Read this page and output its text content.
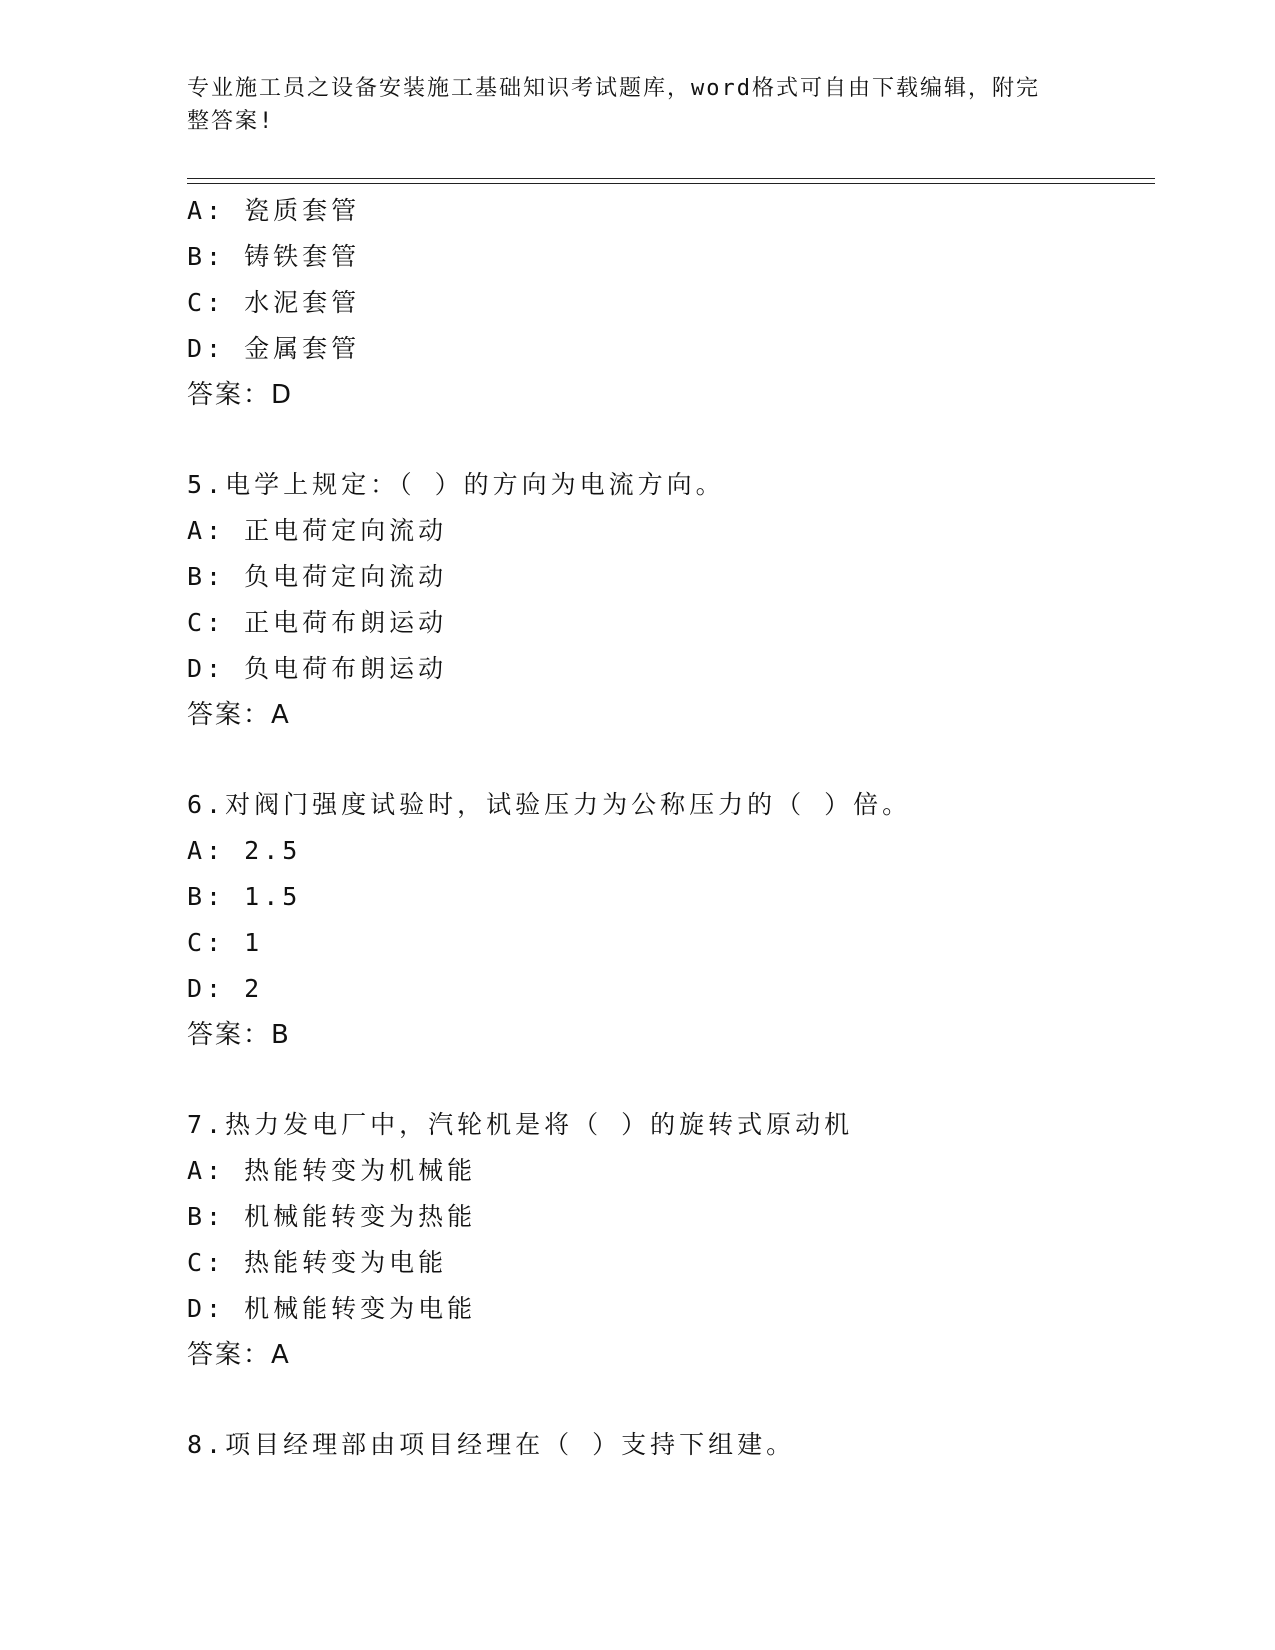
专业施工员之设备安装施工基础知识考试题库，word格式可自由下载编辑，附完
整答案!
A: 瓷质套管
B: 铸铁套管
C: 水泥套管
D: 金属套管
答案：D
5.电学上规定：（ ）的方向为电流方向。
A: 正电荷定向流动
B: 负电荷定向流动
C: 正电荷布朗运动
D: 负电荷布朗运动
答案：A
6.对阀门强度试验时，试验压力为公称压力的（ ）倍。
A: 2.5
B: 1.5
C: 1
D: 2
答案：B
7.热力发电厂中，汽轮机是将（ ）的旋转式原动机
A: 热能转变为机械能
B: 机械能转变为热能
C: 热能转变为电能
D: 机械能转变为电能
答案：A
8.项目经理部由项目经理在（ ）支持下组建。
